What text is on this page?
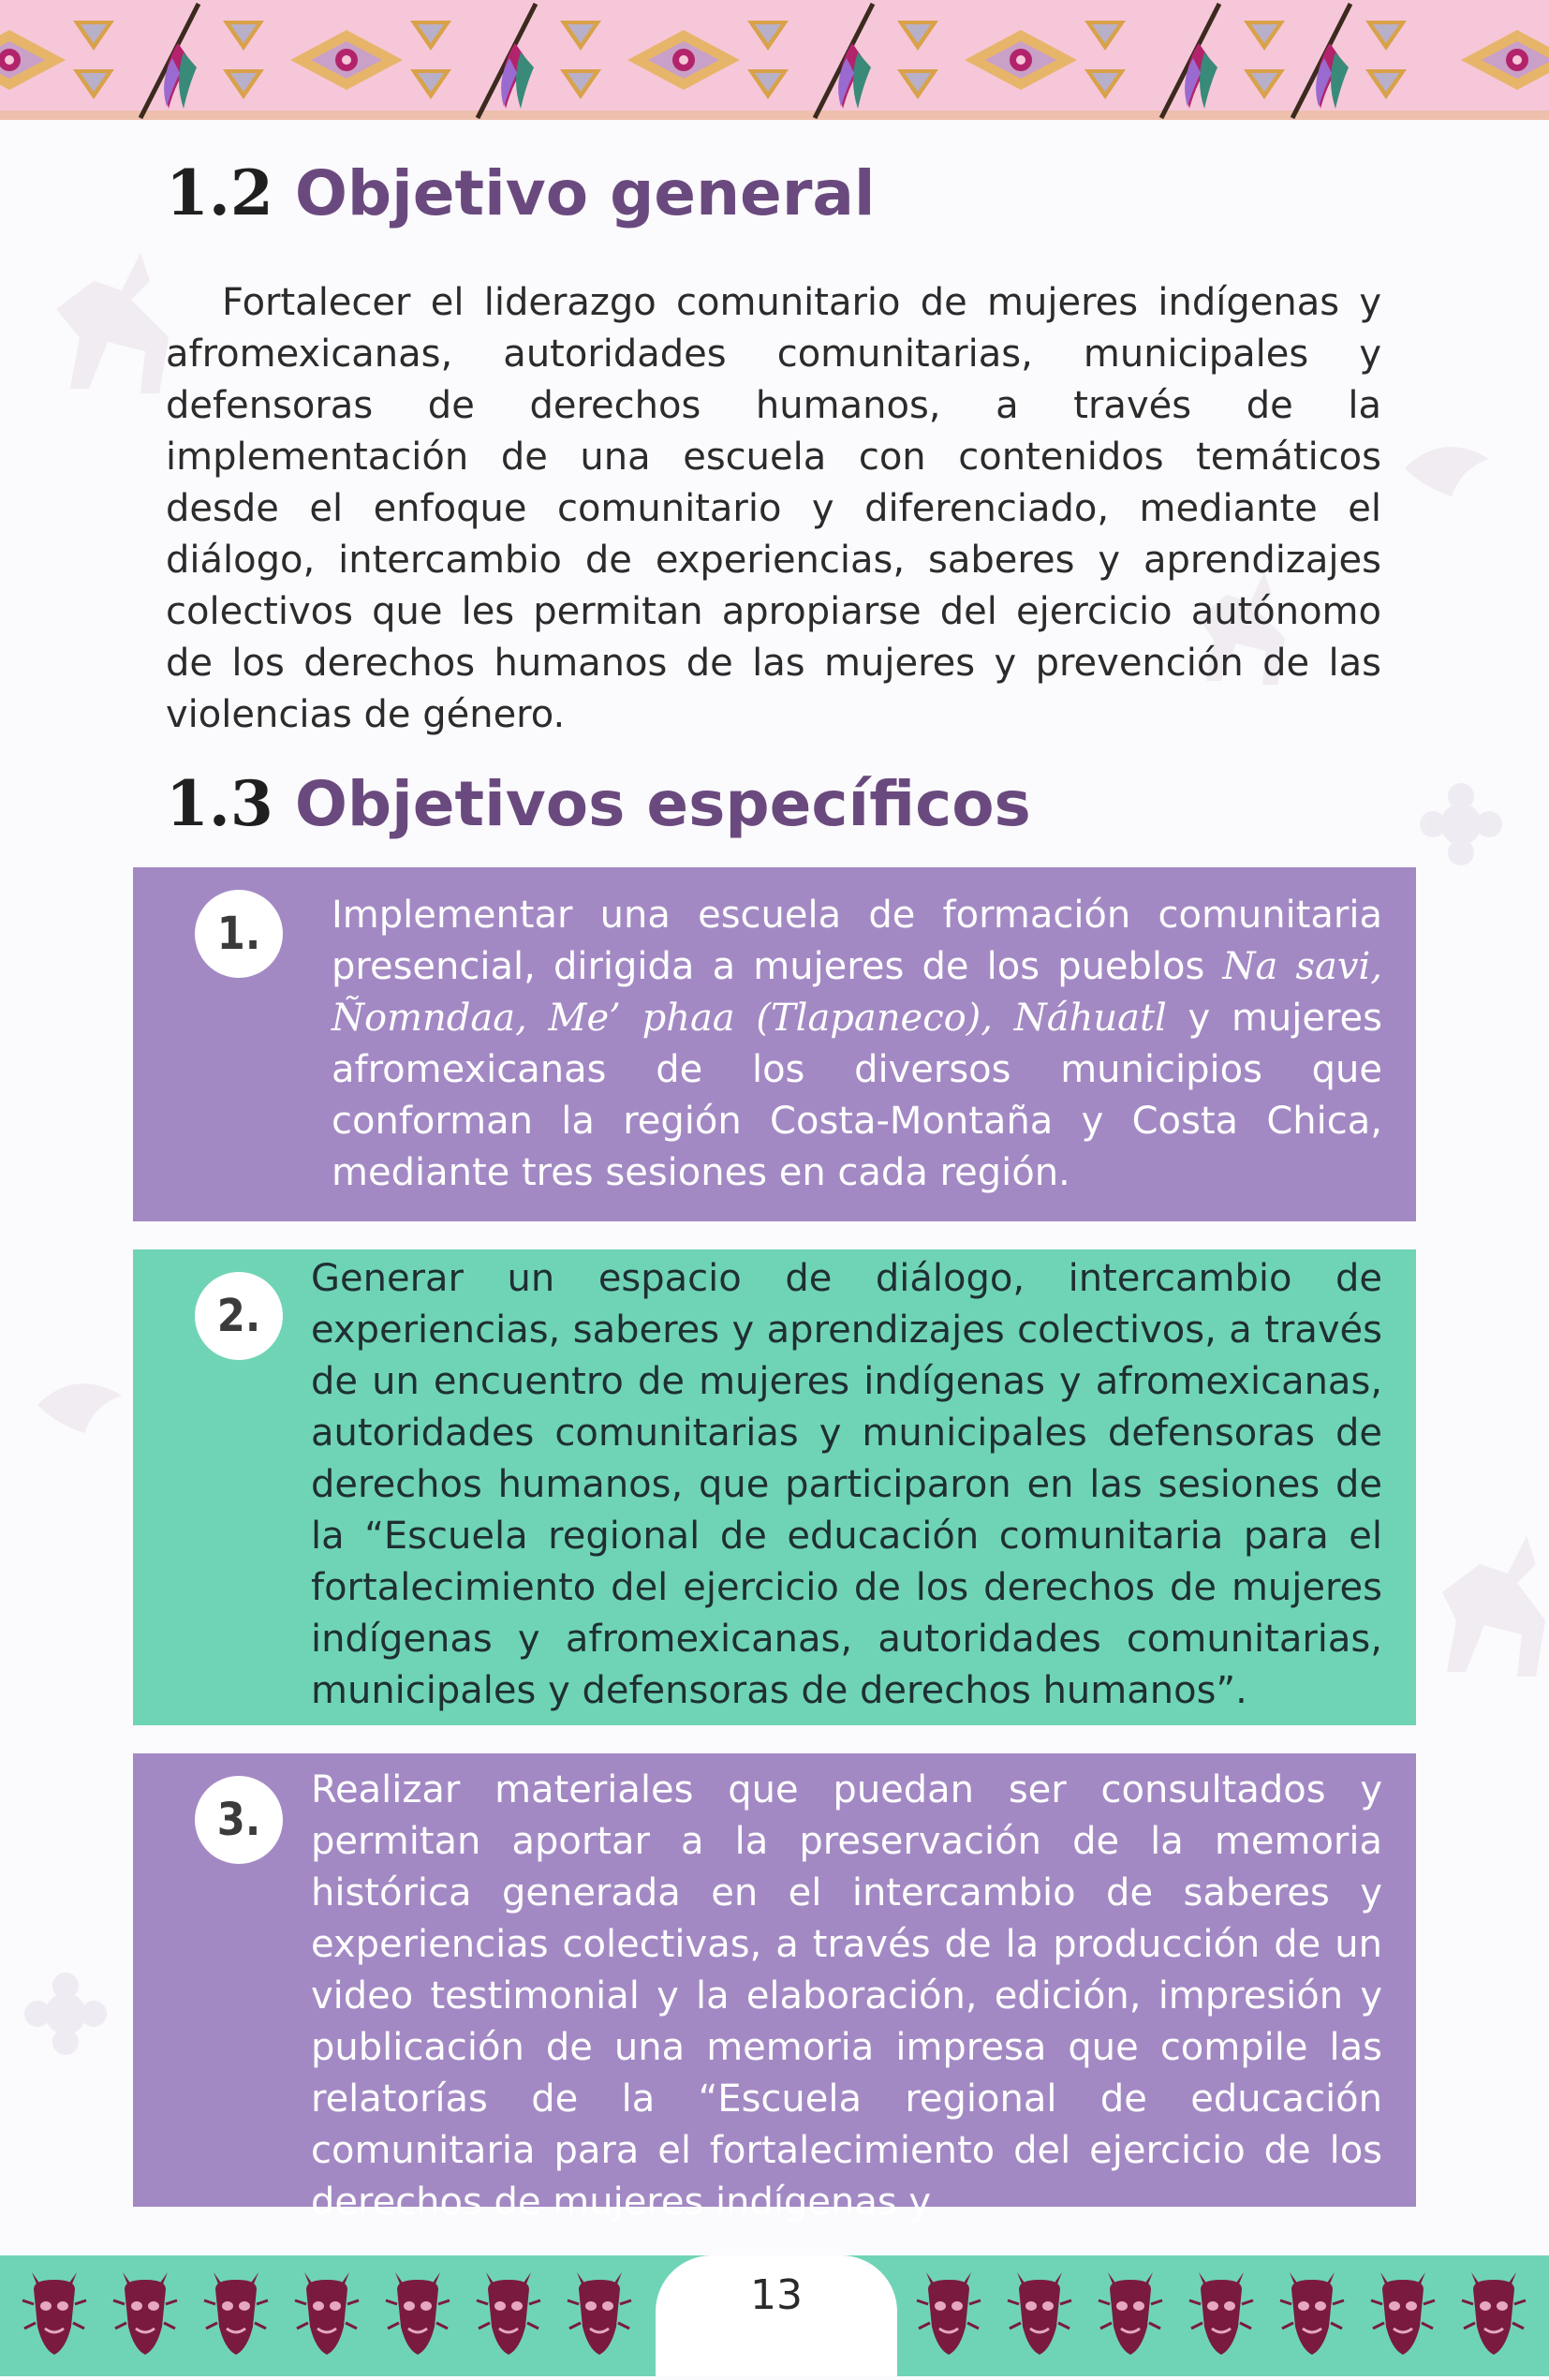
1.2 Objetivo general

Fortalecer el liderazgo comunitario de mujeres indígenas y afromexicanas, autoridades comunitarias, municipales y defensoras de derechos humanos, a través de la implementación de una escuela con contenidos temáticos desde el enfoque comunitario y diferenciado, mediante el diálogo, intercambio de experiencias, saberes y aprendizajes colectivos que les permitan apropiarse del ejercicio autónomo de los derechos humanos de las mujeres y prevención de las violencias de género.

1.3 Objetivos específicos
1.	Implementar una escuela de formación comunitaria presencial, dirigida a mujeres de los pueblos Na savi, Ñomndaa, Me’ phaa (Tlapaneco), Náhuatl y mujeres afromexicanas de los diversos municipios que conforman la región Costa-Montaña y Costa Chica, mediante tres sesiones en cada región.

2.

Generar un espacio de diálogo, intercambio de experiencias, saberes y aprendizajes colectivos, a través de un encuentro de mujeres indígenas y afromexicanas, autoridades comunitarias y municipales defensoras de derechos humanos, que participaron en las sesiones de la “Escuela regional de educación comunitaria para el fortalecimiento del ejercicio de los derechos de mujeres indígenas y afromexicanas, autoridades comunitarias, municipales y defensoras de derechos humanos”.

3.

Realizar materiales que puedan ser consultados y permitan aportar a la preservación de la memoria histórica generada en el intercambio de saberes y experiencias colectivas, a través de la producción de un video testimonial y la elaboración, edición, impresión y publicación de una memoria impresa que compile las relatorías de la “Escuela regional de educación comunitaria para el fortalecimiento del ejercicio de los derechos de mujeres indígenas y

13
